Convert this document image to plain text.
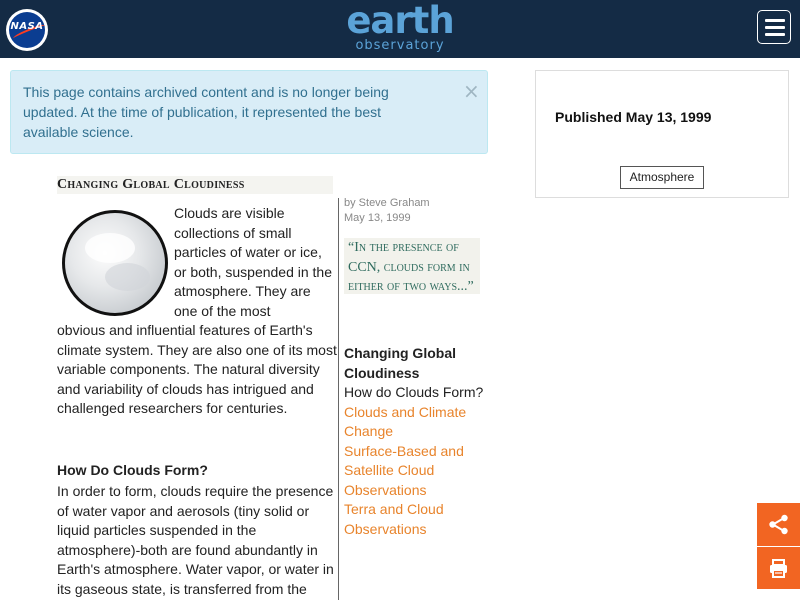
NASA	earth
observatory
This page contains archived content and is no longer being updated. At the time of publication, it represented the best available science.
×
Published May 13, 1999
Atmosphere
Changing Global Cloudiness
Clouds are visible collections of small particles of water or ice, or both, suspended in the atmosphere. They are one of the most
obvious and influential features of Earth's climate system. They are also one of its most variable components. The natural diversity and variability of clouds has intrigued and challenged researchers for centuries.
How Do Clouds Form?
In order to form, clouds require the presence of water vapor and aerosols (tiny solid or liquid particles suspended in the atmosphere)-both are found abundantly in Earth's atmosphere. Water vapor, or water in its gaseous state, is transferred from the
by Steve Graham
May 13, 1999
“In the presence of CCN, clouds form in either of two ways...”
Changing Global Cloudiness
How do Clouds Form?
Clouds and Climate Change
Surface-Based and Satellite Cloud Observations
Terra and Cloud Observations
